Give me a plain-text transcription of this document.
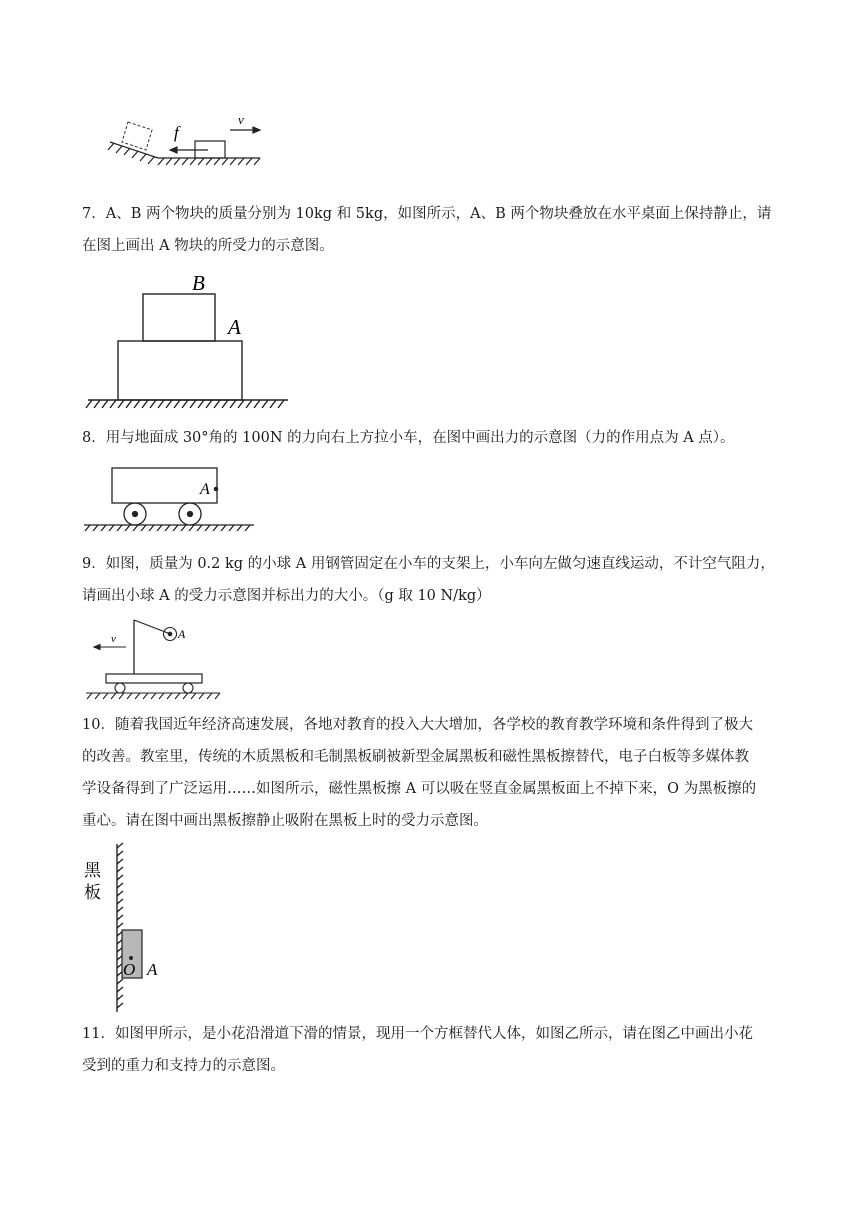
f
v
7．A、B 两个物块的质量分别为 10kg 和 5kg，如图所示，A、B 两个物块叠放在水平桌面上保持静止，请
在图上画出 A 物块的所受力的示意图。
B
A
8．用与地面成 30°角的 100N 的力向右上方拉小车，在图中画出力的示意图（力的作用点为 A 点）。
A
9．如图，质量为 0.2 kg 的小球 A 用钢管固定在小车的支架上，小车向左做匀速直线运动，不计空气阻力，
请画出小球 A 的受力示意图并标出力的大小。（g 取 10 N/kg）
A
v
10．随着我国近年经济高速发展，各地对教育的投入大大增加，各学校的教育教学环境和条件得到了极大
的改善。教室里，传统的木质黑板和毛制黑板刷被新型金属黑板和磁性黑板擦替代，电子白板等多媒体教
学设备得到了广泛运用……如图所示，磁性黑板擦 A 可以吸在竖直金属黑板面上不掉下来，O 为黑板擦的
重心。请在图中画出黑板擦静止吸附在黑板上时的受力示意图。
黑
板
O A
11．如图甲所示，是小花沿滑道下滑的情景，现用一个方框替代人体，如图乙所示，请在图乙中画出小花
受到的重力和支持力的示意图。
